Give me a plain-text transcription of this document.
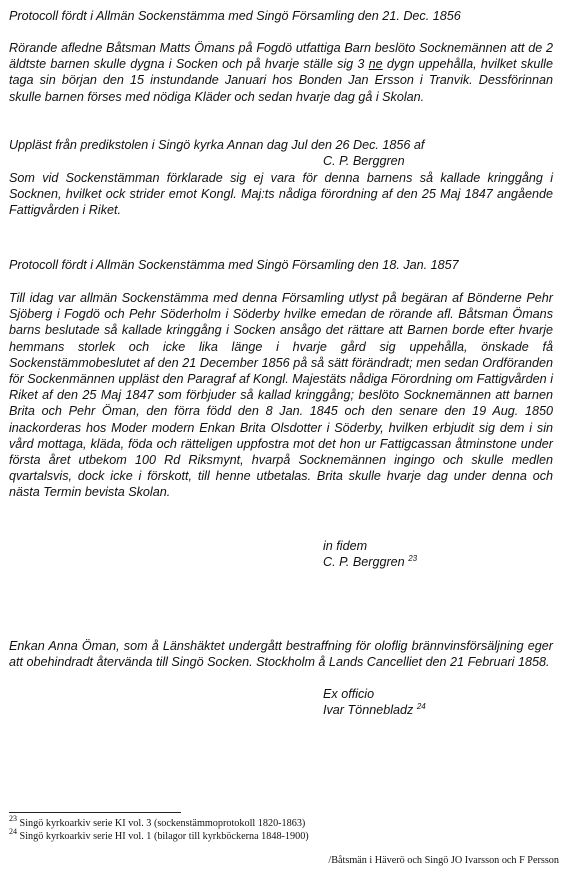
Protocoll fördt i Allmän Sockenstämma med Singö Församling den 21. Dec. 1856
Rörande afledne Båtsman Matts Ömans på Fogdö utfattiga Barn beslöto Socknemännen att de 2 äldtste barnen skulle dygna i Socken och på hvarje ställe sig 3 ne dygn uppehålla, hvilket skulle taga sin början den 15 instundande Januari hos Bonden Jan Ersson i Tranvik. Dessförinnan skulle barnen förses med nödiga Kläder och sedan hvarje dag gå i Skolan.
Uppläst från predikstolen i Singö kyrka Annan dag Jul den 26 Dec. 1856 af
C. P. Berggren
Som vid Sockenstämman förklarade sig ej vara för denna barnens så kallade kringgång i Socknen, hvilket ock strider emot Kongl. Maj:ts nådiga förordning af den 25 Maj 1847 angående Fattigvården i Riket.
Protocoll fördt i Allmän Sockenstämma med Singö Församling den 18. Jan. 1857
Till idag var allmän Sockenstämma med denna Församling utlyst på begäran af Bönderne Pehr Sjöberg i Fogdö och Pehr Söderholm i Söderby hvilke emedan de rörande afl. Båtsman Ömans barns beslutade så kallade kringgång i Socken ansågo det rättare att Barnen borde efter hvarje hemmans storlek och icke lika länge i hvarje gård sig uppehålla, önskade få Sockenstämmobeslutet af den 21 December 1856 på så sätt förändradt; men sedan Ordföranden för Sockenmännen uppläst den Paragraf af Kongl. Majestäts nådiga Förordning om Fattigvården i Riket af den 25 Maj 1847 som förbjuder så kallad kringgång; beslöto Socknemännen att barnen Brita och Pehr Öman, den förra född den 8 Jan. 1845 och den senare den 19 Aug. 1850 inackorderas hos Moder modern Enkan Brita Olsdotter i Söderby, hvilken erbjudit sig dem i sin vård mottaga, kläda, föda och rätteligen uppfostra mot det hon ur Fattigcassan åtminstone under första året utbekom 100 Rd Riksmynt, hvarpå Socknemännen ingingo och skulle medlen qvartalsvis, dock icke i förskott, till henne utbetalas. Brita skulle hvarje dag under denna och nästa Termin bevista Skolan.
in fidem
C. P. Berggren $^{23}$
Enkan Anna Öman, som å Länshäktet undergått bestraffning för oloflig brännvinsförsäljning eger att obehindradt återvända till Singö Socken. Stockholm å Lands Cancelliet den 21 Februari 1858.
Ex officio
Ivar Tönnebladz $^{24}$
$^{23}$ Singö kyrkoarkiv serie KI vol. 3 (sockenstämmoprotokoll 1820-1863)
$^{24}$ Singö kyrkoarkiv serie HI vol. 1 (bilagor till kyrkböckerna 1848-1900)
/Båtsmän i Häverö och Singö JO Ivarsson och F Persson
